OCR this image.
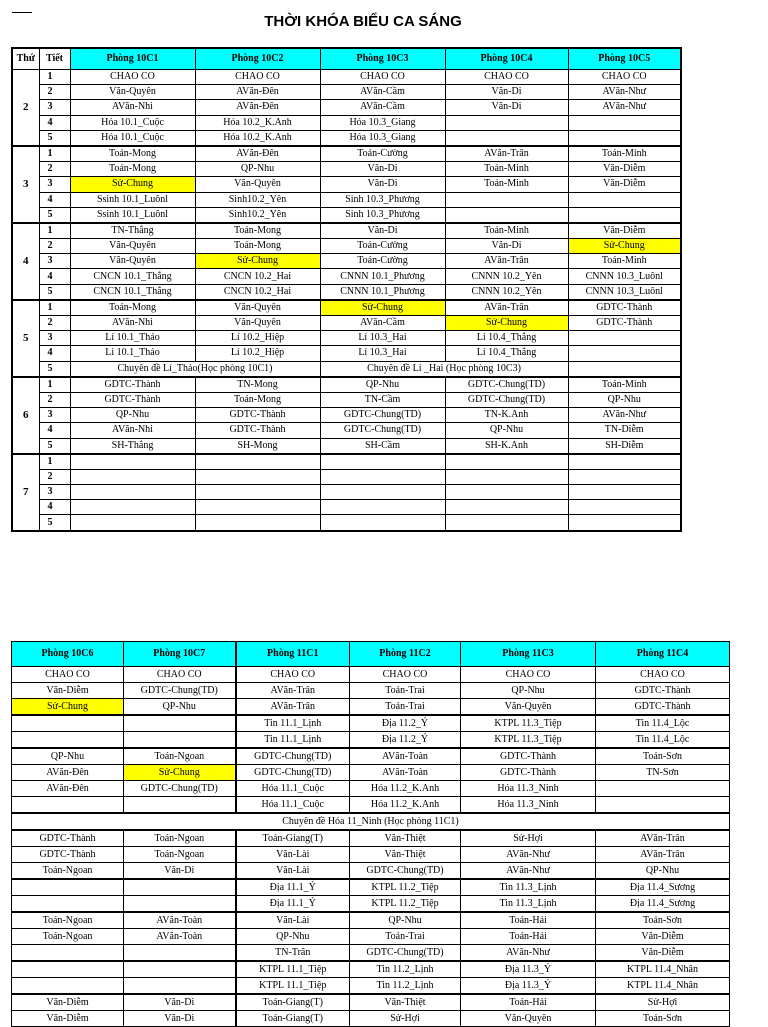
THỜI KHÓA BIỂU CA SÁNG
Thứ	Tiết	Phòng 10C1	Phòng 10C2	Phòng 10C3	Phòng 10C4	Phòng 10C5
2	1	CHAO CO	CHAO CO	CHAO CO	CHAO CO	CHAO CO
	2	Văn-Quyên	AVăn-Đên	AVăn-Cầm	Văn-Di	AVăn-Như
	3	AVăn-Nhi	AVăn-Đên	AVăn-Cầm	Văn-Di	AVăn-Như
	4	Hóa 10.1_Cuộc	Hóa 10.2_K.Anh	Hóa 10.3_Giang		
	5	Hóa 10.1_Cuộc	Hóa 10.2_K.Anh	Hóa 10.3_Giang		
3	1	Toán-Mong	AVăn-Đên	Toán-Cường	AVăn-Trân	Toán-Minh
	2	Toán-Mong	QP-Nhu	Văn-Di	Toán-Minh	Văn-Diễm
	3	Sử-Chung	Văn-Quyên	Văn-Di	Toán-Minh	Văn-Diễm
	4	Ssinh 10.1_Luônl	Sinh10.2_Yên	Sinh 10.3_Phương		
	5	Ssinh 10.1_Luônl	Sinh10.2_Yên	Sinh 10.3_Phương		
4	1	TN-Thắng	Toán-Mong	Văn-Di	Toán-Minh	Văn-Diễm
	2	Văn-Quyên	Toán-Mong	Toán-Cường	Văn-Di	Sử-Chung
	3	Văn-Quyên	Sử-Chung	Toán-Cường	AVăn-Trân	Toán-Minh
	4	CNCN 10.1_Thắng	CNCN 10.2_Hai	CNNN 10.1_Phương	CNNN 10.2_Yên	CNNN 10.3_Luônl
	5	CNCN 10.1_Thắng	CNCN 10.2_Hai	CNNN 10.1_Phương	CNNN 10.2_Yên	CNNN 10.3_Luônl
5	1	Toán-Mong	Văn-Quyên	Sử-Chung	AVăn-Trân	GDTC-Thành
	2	AVăn-Nhi	Văn-Quyên	AVăn-Cầm	Sử-Chung	GDTC-Thành
	3	Lí 10.1_Thảo	Lí 10.2_Hiệp	Lí 10.3_Hai	Lí 10.4_Thắng	
	4	Li 10.1_Thảo	Lí 10.2_Hiệp	Lí 10.3_Hai	Lí 10.4_Thắng	
	5	Chuyên đề Lí_Thảo(Học phòng 10C1)		Chuyên đề Lí _Hai (Học phòng 10C3)		
6	1	GDTC-Thành	TN-Mong	QP-Nhu	GDTC-Chung(TD)	Toán-Minh
	2	GDTC-Thành	Toán-Mong	TN-Cầm	GDTC-Chung(TD)	QP-Nhu
	3	QP-Nhu	GDTC-Thành	GDTC-Chung(TD)	TN-K.Anh	AVăn-Như
	4	AVăn-Nhi	GDTC-Thành	GDTC-Chung(TD)	QP-Nhu	TN-Diễm
	5	SH-Thắng	SH-Mong	SH-Cầm	SH-K.Anh	SH-Diễm
7	1					
	2					
	3					
	4					
	5					
Phòng 10C6	Phòng 10C7	Phòng 11C1	Phòng 11C2	Phòng 11C3	Phòng 11C4
CHAO CO	CHAO CO	CHAO CO	CHAO CO	CHAO CO	CHAO CO
Văn-Diễm	GDTC-Chung(TD)	AVăn-Trân	Toán-Trai	QP-Nhu	GDTC-Thành
Sử-Chung	QP-Nhu	AVăn-Trân	Toán-Trai	Văn-Quyên	GDTC-Thành
		Tin 11.1_Lịnh	Địa 11.2_Ý	KTPL 11.3_Tiệp	Tin 11.4_Lộc
		Tin 11.1_Lịnh	Địa 11.2_Ý	KTPL 11.3_Tiệp	Tin 11.4_Lộc
QP-Nhu	Toán-Ngoan	GDTC-Chung(TD)	AVăn-Toàn	GDTC-Thành	Toán-Sơn
AVăn-Đên	Sử-Chung	GDTC-Chung(TD)	AVăn-Toàn	GDTC-Thành	TN-Sơn
AVăn-Đên	GDTC-Chung(TD)	Hóa 11.1_Cuộc	Hóa 11.2_K.Anh	Hóa 11.3_Ninh	
		Hóa 11.1_Cuộc	Hóa 11.2_K.Anh	Hóa 11.3_Ninh	
Chuyên đề Hóa 11_Ninh (Học phòng 11C1)					
GDTC-Thành	Toán-Ngoan	Toán-Giang(T)	Văn-Thiệt	Sử-Hợi	AVăn-Trân
GDTC-Thành	Toán-Ngoan	Văn-Lài	Văn-Thiệt	AVăn-Như	AVăn-Trân
Toán-Ngoan	Văn-Di	Văn-Lài	GDTC-Chung(TD)	AVăn-Như	QP-Nhu
		Địa 11.1_Ý	KTPL 11.2_Tiệp	Tin 11.3_Lịnh	Địa 11.4_Sương
		Địa 11.1_Ý	KTPL 11.2_Tiệp	Tin 11.3_Lịnh	Địa 11.4_Sương
Toán-Ngoan	AVăn-Toàn	Văn-Lài	QP-Nhu	Toán-Hải	Toán-Sơn
Toán-Ngoan	AVăn-Toàn	QP-Nhu	Toán-Trai	Toán-Hải	Văn-Diễm
		TN-Trân	GDTC-Chung(TD)	AVăn-Như	Văn-Diễm
		KTPL 11.1_Tiệp	Tin 11.2_Lịnh	Địa 11.3_Ý	KTPL 11.4_Nhân
		KTPL 11.1_Tiệp	Tin 11.2_Lịnh	Địa 11.3_Ý	KTPL 11.4_Nhân
Văn-Diễm	Văn-Di	Toán-Giang(T)	Văn-Thiệt	Toán-Hải	Sử-Hợi
Văn-Diễm	Văn-Di	Toán-Giang(T)	Sử-Hợi	Văn-Quyên	Toán-Sơn
